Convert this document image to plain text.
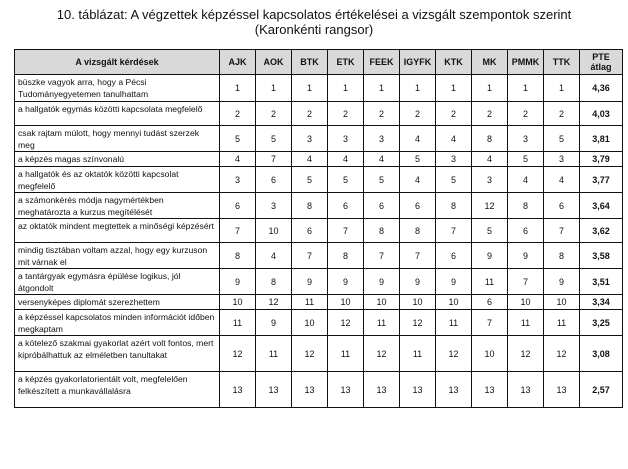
10. táblázat: A végzettek képzéssel kapcsolatos értékelései a vizsgált szempontok szerint
(Karonkénti rangsor)

A vizsgált kérdések	AJK	AOK	BTK	ETK	FEEK	IGYFK	KTK	MK	PMMK	TTK	PTE átlag
büszke vagyok arra, hogy a Pécsi Tudományegyetemen tanulhattam	1	1	1	1	1	1	1	1	1	1	4,36
a hallgatók egymás közötti kapcsolata megfelelő	2	2	2	2	2	2	2	2	2	2	4,03
csak rajtam múlott, hogy mennyi tudást szerzek meg	5	5	3	3	3	4	4	8	3	5	3,81
a képzés magas színvonalú	4	7	4	4	4	5	3	4	5	3	3,79
a hallgatók és az oktatók közötti kapcsolat megfelelő	3	6	5	5	5	4	5	3	4	4	3,77
a számonkérés módja nagymértékben meghatározta a kurzus megítélését	6	3	8	6	6	6	8	12	8	6	3,64
az oktatók mindent megtettek a minőségi képzésért	7	10	6	7	8	8	7	5	6	7	3,62
mindig tisztában voltam azzal, hogy egy kurzuson mit várnak el	8	4	7	8	7	7	6	9	9	8	3,58
a tantárgyak egymásra épülése logikus, jól átgondolt	9	8	9	9	9	9	9	11	7	9	3,51
versenyképes diplomát szerezhettem	10	12	11	10	10	10	10	6	10	10	3,34
a képzéssel kapcsolatos minden információt időben megkaptam	11	9	10	12	11	12	11	7	11	11	3,25
a kötelező szakmai gyakorlat azért volt fontos, mert kipróbálhattuk az elméletben tanultakat	12	11	12	11	12	11	12	10	12	12	3,08
a képzés gyakorlatorientált volt, megfelelően felkészített a munkavállalásra	13	13	13	13	13	13	13	13	13	13	2,57
